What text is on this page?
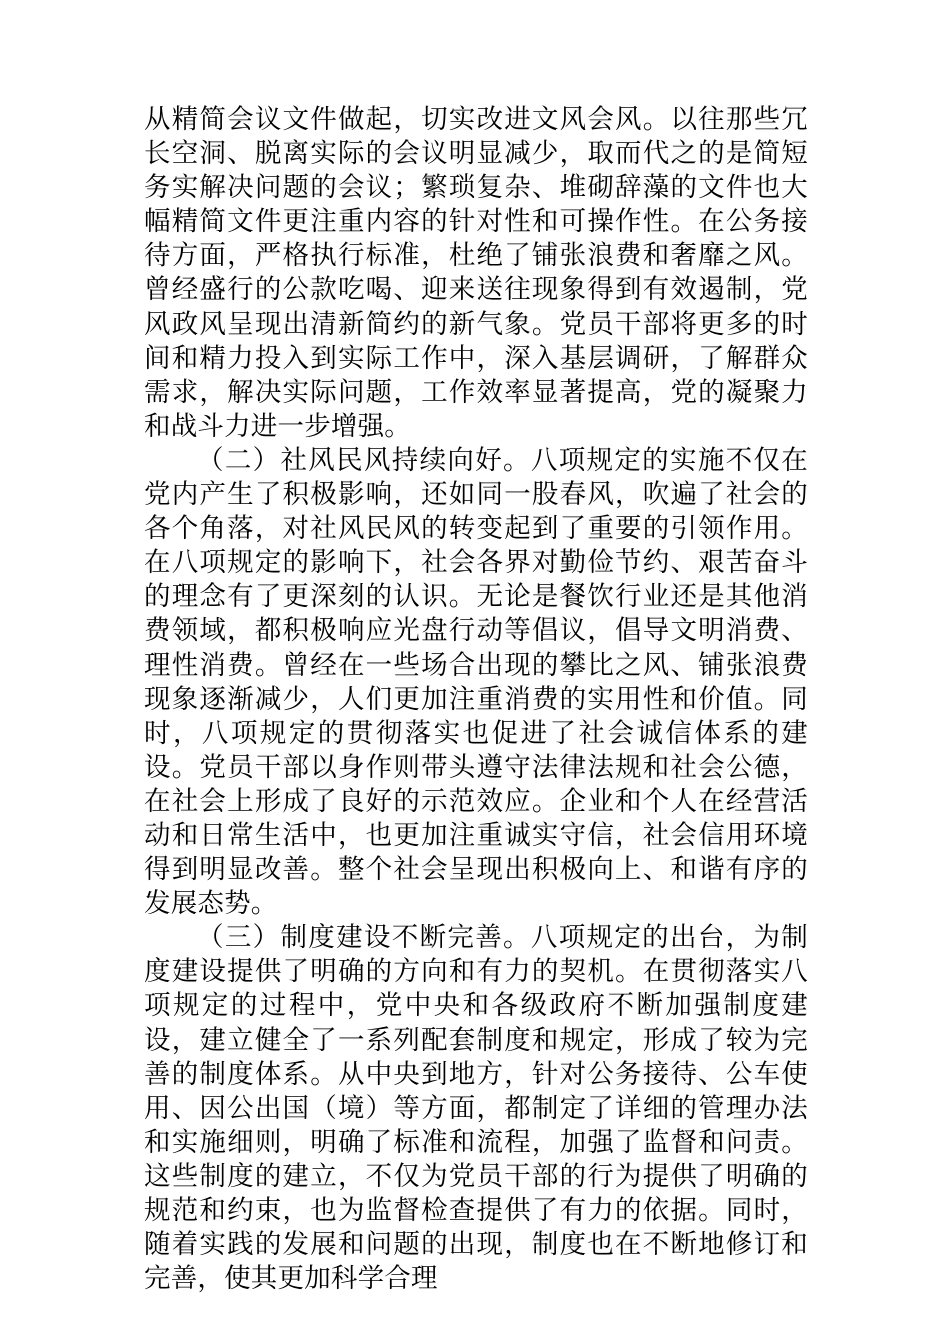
从精简会议文件做起，切实改进文风会风。以往那些冗长空洞、脱离实际的会议明显减少，取而代之的是简短务实解决问题的会议；繁琐复杂、堆砌辞藻的文件也大幅精简文件更注重内容的针对性和可操作性。在公务接待方面，严格执行标准，杜绝了铺张浪费和奢靡之风。曾经盛行的公款吃喝、迎来送往现象得到有效遏制，党风政风呈现出清新简约的新气象。党员干部将更多的时间和精力投入到实际工作中，深入基层调研，了解群众需求，解决实际问题，工作效率显著提高，党的凝聚力和战斗力进一步增强。

（二）社风民风持续向好。八项规定的实施不仅在党内产生了积极影响，还如同一股春风，吹遍了社会的各个角落，对社风民风的转变起到了重要的引领作用。在八项规定的影响下，社会各界对勤俭节约、艰苦奋斗的理念有了更深刻的认识。无论是餐饮行业还是其他消费领域，都积极响应光盘行动等倡议，倡导文明消费、理性消费。曾经在一些场合出现的攀比之风、铺张浪费现象逐渐减少，人们更加注重消费的实用性和价值。同时，八项规定的贯彻落实也促进了社会诚信体系的建设。党员干部以身作则带头遵守法律法规和社会公德，在社会上形成了良好的示范效应。企业和个人在经营活动和日常生活中，也更加注重诚实守信，社会信用环境得到明显改善。整个社会呈现出积极向上、和谐有序的发展态势。

（三）制度建设不断完善。八项规定的出台，为制度建设提供了明确的方向和有力的契机。在贯彻落实八项规定的过程中，党中央和各级政府不断加强制度建设，建立健全了一系列配套制度和规定，形成了较为完善的制度体系。从中央到地方，针对公务接待、公车使用、因公出国（境）等方面，都制定了详细的管理办法和实施细则，明确了标准和流程，加强了监督和问责。这些制度的建立，不仅为党员干部的行为提供了明确的规范和约束，也为监督检查提供了有力的依据。同时，随着实践的发展和问题的出现，制度也在不断地修订和完善，使其更加科学合理
